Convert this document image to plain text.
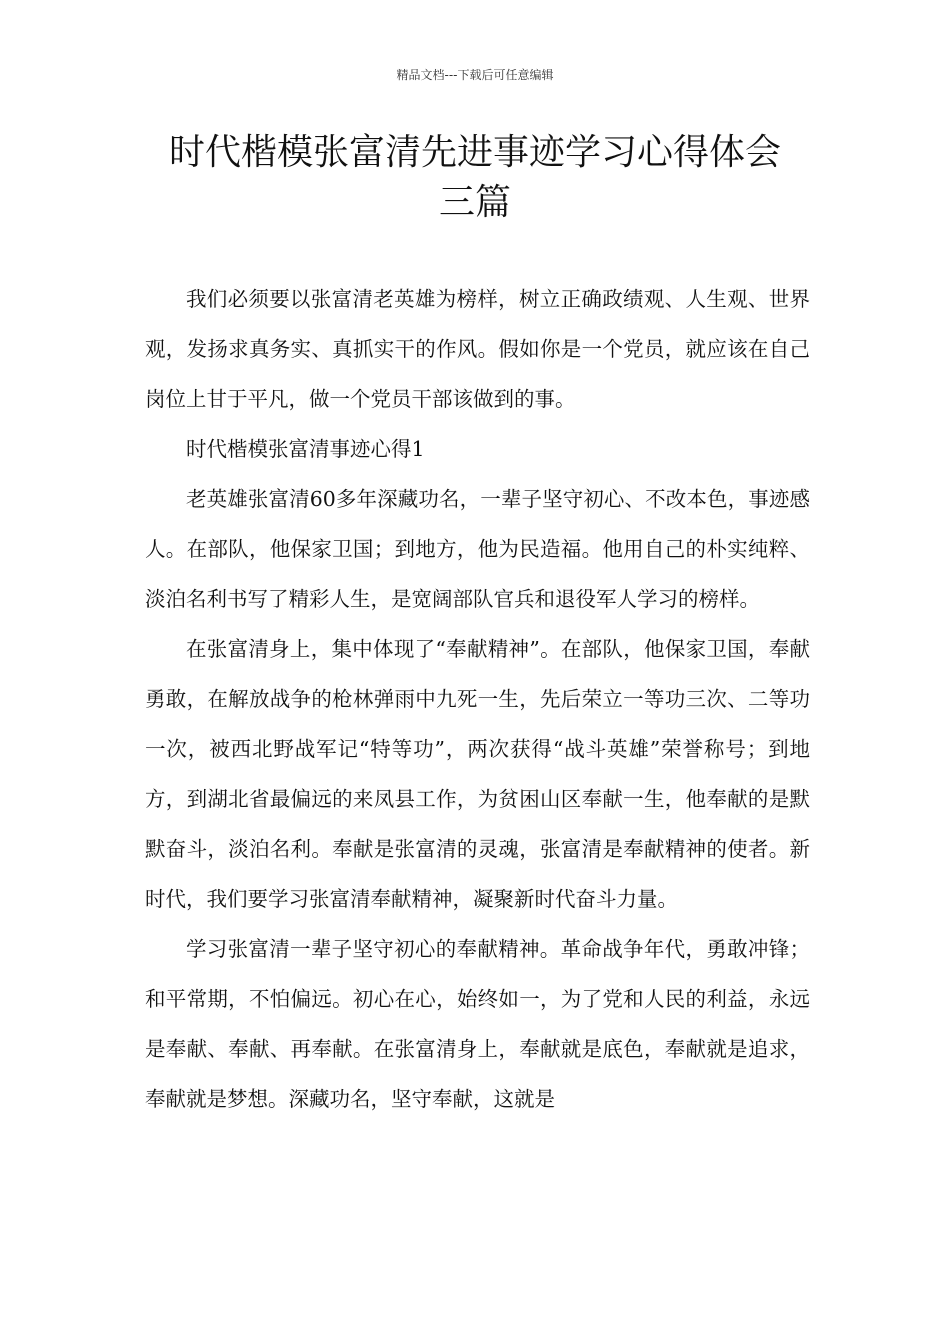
精品文档---下载后可任意编辑
时代楷模张富清先进事迹学习心得体会
三篇

我们必须要以张富清老英雄为榜样，树立正确政绩观、人生观、世界观，发扬求真务实、真抓实干的作风。假如你是一个党员，就应该在自己岗位上甘于平凡，做一个党员干部该做到的事。

时代楷模张富清事迹心得1

老英雄张富清60多年深藏功名，一辈子坚守初心、不改本色，事迹感人。在部队，他保家卫国；到地方，他为民造福。他用自己的朴实纯粹、淡泊名利书写了精彩人生，是宽阔部队官兵和退役军人学习的榜样。

在张富清身上，集中体现了“奉献精神”。在部队，他保家卫国，奉献勇敢，在解放战争的枪林弹雨中九死一生，先后荣立一等功三次、二等功一次，被西北野战军记“特等功”，两次获得“战斗英雄”荣誉称号；到地方，到湖北省最偏远的来凤县工作，为贫困山区奉献一生，他奉献的是默默奋斗，淡泊名利。奉献是张富清的灵魂，张富清是奉献精神的使者。新时代，我们要学习张富清奉献精神，凝聚新时代奋斗力量。

学习张富清一辈子坚守初心的奉献精神。革命战争年代，勇敢冲锋；和平常期，不怕偏远。初心在心，始终如一，为了党和人民的利益，永远是奉献、奉献、再奉献。在张富清身上，奉献就是底色，奉献就是追求，奉献就是梦想。深藏功名，坚守奉献，这就是
